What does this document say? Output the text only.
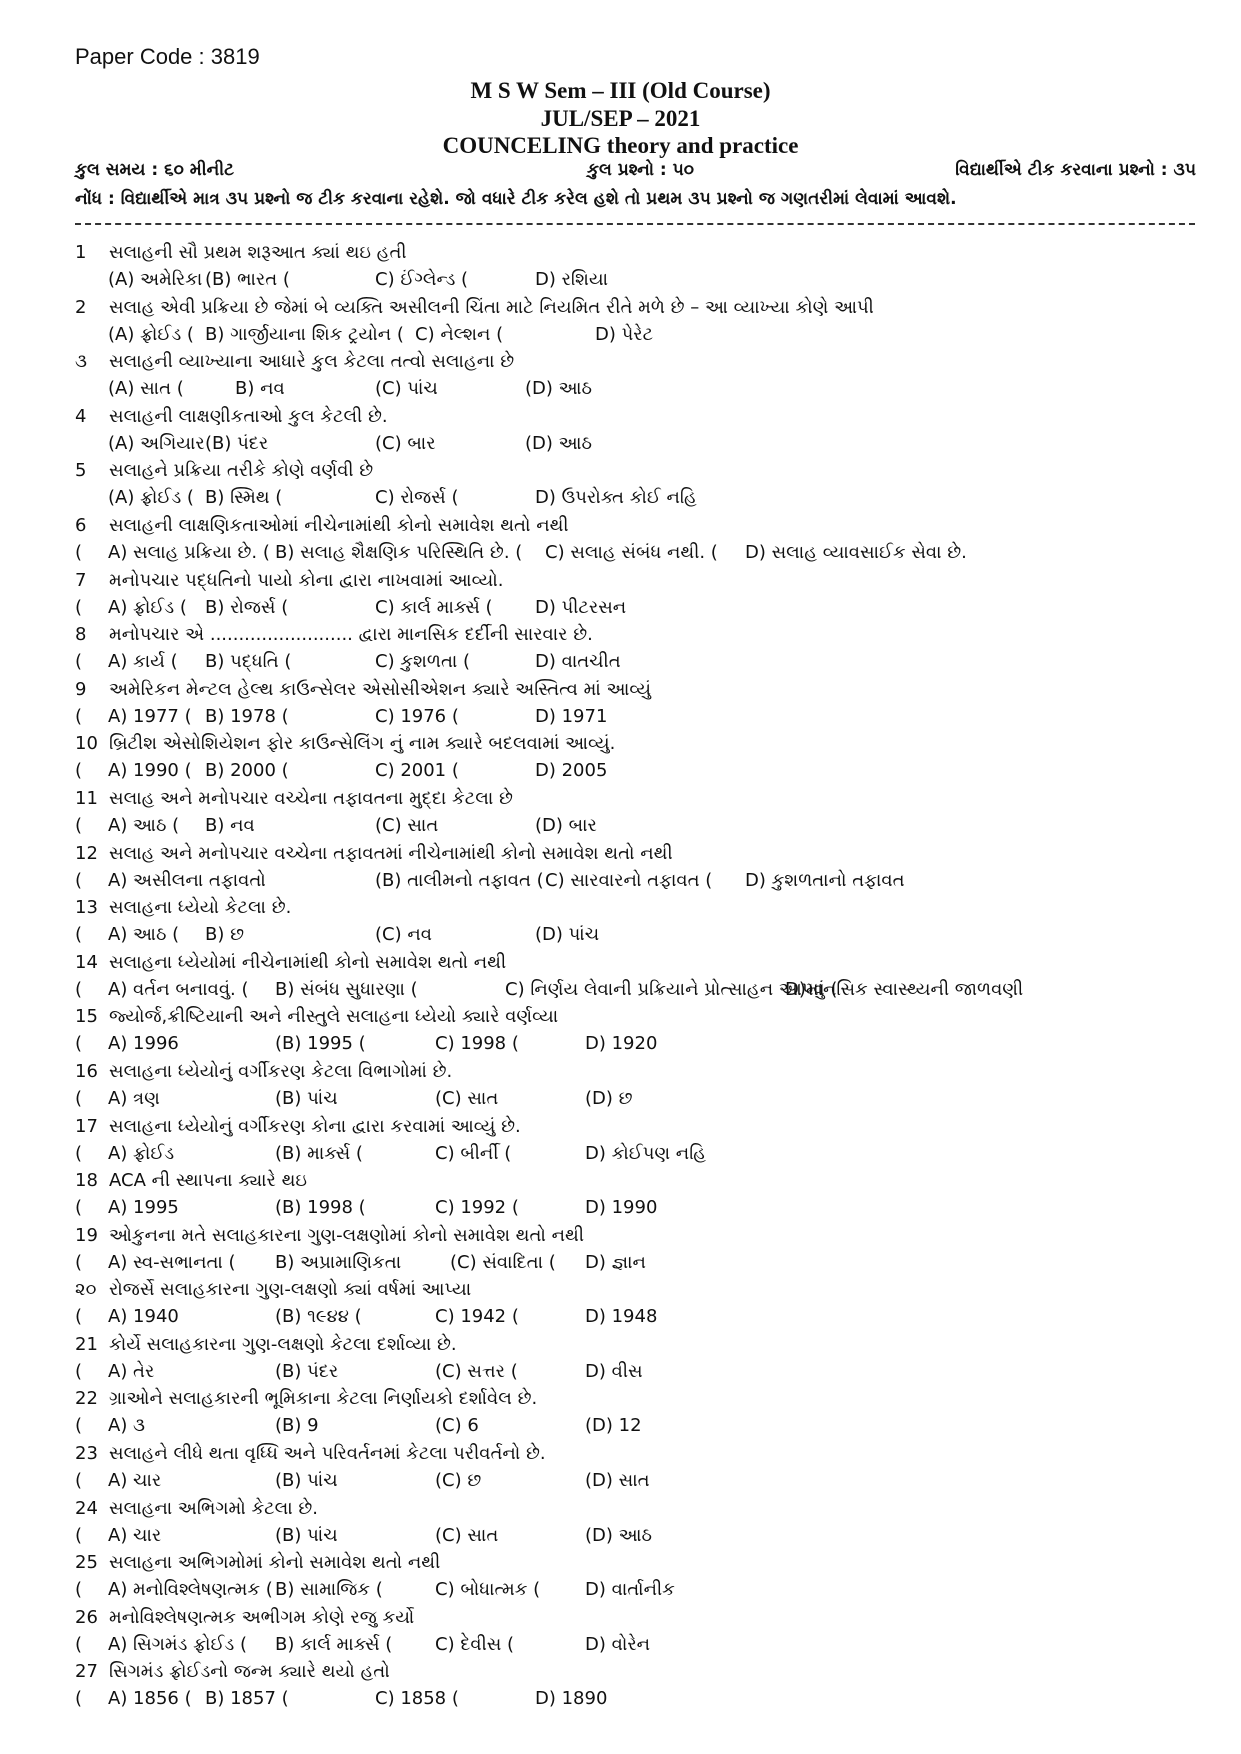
Paper Code : 3819
M S W Sem – III (Old Course)
JUL/SEP – 2021
COUNCELING theory and practice
કુલ સમય : ૬૦ મીનીટ	કુલ પ્રશ્નો : ૫૦	વિદ્યાર્થીએ ટીક કરવાના પ્રશ્નો : ૩૫
નોંધ : વિદ્યાર્થીએ માત્ર ૩૫ પ્રશ્નો જ ટીક કરવાના રહેશે. જો વધારે ટીક કરેલ હશે તો પ્રથમ ૩૫ પ્રશ્નો જ ગણતરીમાં લેવામાં આવશે.
1 સલાહની સૌ પ્રથમ શરૂઆત ક્યાં થઇ હતી
(A) અમેરિકા (B) ભારત (	C) ઈંગ્લેન્ડ (	D) રશિયા
2 સલાહ એવી પ્રક્રિયા છે જેમાં બે વ્યક્તિ અસીલની ચિંતા માટે નિયમિત રીતે મળે છે – આ વ્યાખ્યા કોણે આપી
(A) ફ્રોઈડ ( B) ગાર્જીયાના શિક ટ્રયોન ( C) નેલ્શન (	D) પેરેટ
૩ સલાહની વ્યાખ્યાના આધારે કુલ કેટલા તત્વો સલાહના છે
(A) સાત (	B) નવ	(C) પાંચ	(D) આઠ
4 સલાહની લાક્ષણીકતાઓ કુલ કેટલી છે.
(A) અગિયાર (B) પંદર	(C) બાર	(D) આઠ
5 સલાહને પ્રક્રિયા તરીકે કોણે વર્ણવી છે
(A) ફ્રોઈડ ( B) સ્મિથ (	C) રોજર્સ (	D) ઉપરોક્ત કોઈ નહિ
6 સલાહની લાક્ષણિકતાઓમાં નીચેનામાંથી કોનો સમાવેશ થતો નથી
( A) સલાહ પ્રક્રિયા છે. ( B) સલાહ શૈક્ષણિક પરિસ્થિતિ છે. ( C) સલાહ સંબંધ નથી. ( D) સલાહ વ્યાવસાઈક સેવા છે.
7 મનોપચાર પદ્ધતિનો પાયો કોના દ્વારા નાખવામાં આવ્યો.
( A) ફ્રોઈડ ( B) રોજર્સ (	C) કાર્લ માર્ક્સ ( D) પીટરસન
8 મનોપચાર એ ......................... દ્વારા માનસિક દર્દીની સારવાર છે.
( A) કાર્ય ( B) પદ્ધતિ (	C) કુશળતા (	D) વાતચીત
9 અમેરિકન મેન્ટલ હેલ્થ કાઉન્સેલર એસોસીએશન ક્યારે અસ્તિત્વ માં આવ્યું
( A) 1977 ( B) 1978 (	C) 1976 (	D) 1971
10 બ્રિટીશ એસોશિયેશન ફોર કાઉન્સેલિંગ નું નામ ક્યારે બદલવામાં આવ્યું.
( A) 1990 ( B) 2000 (	C) 2001 (	D) 2005
11 સલાહ અને મનોપચાર વચ્ચેના તફાવતના મુદ્દા કેટલા છે
( A) આઠ ( B) નવ	(C) સાત	(D) બાર
12 સલાહ અને મનોપચાર વચ્ચેના તફાવતમાં નીચેનામાંથી કોનો સમાવેશ થતો નથી
( A) અસીલના તફાવતો	(B) તાલીમનો તફાવત ( C) સારવારનો તફાવત ( D) કુશળતાનો તફાવત
13 સલાહના ધ્યેયો કેટલા છે.
( A) આઠ ( B) છ	(C) નવ	(D) પાંચ
14 સલાહના ધ્યેયોમાં નીચેનામાંથી કોનો સમાવેશ થતો નથી
( A) વર્તન બનાવવું. ( B) સંબંધ સુધારણા (	C) નિર્ણય લેવાની પ્રક્રિયાને પ્રોત્સાહન આપવું (
D)માનસિક સ્વાસ્થ્યની જાળવણી
15 જ્યોર્જ,ક્રીષ્ટિયાની અને નીસ્તુલે સલાહના ધ્યેયો ક્યારે વર્ણવ્યા
( A) 1996	(B) 1995 (	C) 1998 (	D) 1920
16 સલાહના ધ્યેયોનું વર્ગીકરણ કેટલા વિભાગોમાં છે.
( A) ત્રણ	(B) પાંચ	(C) સાત	(D) છ
17 સલાહના ધ્યેયોનું વર્ગીકરણ કોના દ્વારા કરવામાં આવ્યું છે.
( A) ફ્રોઈડ	(B) માર્ક્સ (	C) બીર્ની (	D) કોઈપણ નહિ
18 ACA ની સ્થાપના ક્યારે થઇ
( A) 1995	(B) 1998 (	C) 1992 (	D) 1990
19 ઓકુનના મતે સલાહકારના ગુણ-લક્ષણોમાં કોનો સમાવેશ થતો નથી
( A) સ્વ-સભાનતા ( B) અપ્રામાણિકતા	(C) સંવાદિતા ( D) જ્ઞાન
૨૦ રોજર્સે સલાહકારના ગુણ-લક્ષણો ક્યાં વર્ષમાં આપ્યા
( A) 1940	(B) ૧૯૪૪ (	C) 1942 (	D) 1948
21 કોર્યે સલાહકારના ગુણ-લક્ષણો કેટલા દર્શાવ્યા છે.
( A) તેર	(B) પંદર	(C) સત્તર (	D) વીસ
22 ગ્રાઓને સલાહકારની ભૂમિકાના કેટલા નિર્ણાયકો દર્શાવેલ છે.
( A) ૩	(B) 9	(C) 6	(D) 12
23 સલાહને લીધે થતા વૃધ્ધિ અને પરિવર્તનમાં કેટલા પરીવર્તનો છે.
( A) ચાર	(B) પાંચ	(C) છ	(D) સાત
24 સલાહના અભિગમો કેટલા છે.
( A) ચાર	(B) પાંચ	(C) સાત	(D) આઠ
25 સલાહના અભિગમોમાં કોનો સમાવેશ થતો નથી
( A) મનોવિશ્લેષણત્મક ( B) સામાજિક (	C) બોધાત્મક ( D) વાર્તાનીક
26 મનોવિશ્લેષણત્મક અભીગમ કોણે રજુ કર્યો
( A) સિગમંડ ફ્રોઈડ ( B) કાર્લ માર્ક્સ ( C) દેવીસ (	D) વોરેન
27 સિગમંડ ફ્રોઈડનો જન્મ ક્યારે થયો હતો
( A) 1856 ( B) 1857 (	C) 1858 (	D) 1890
